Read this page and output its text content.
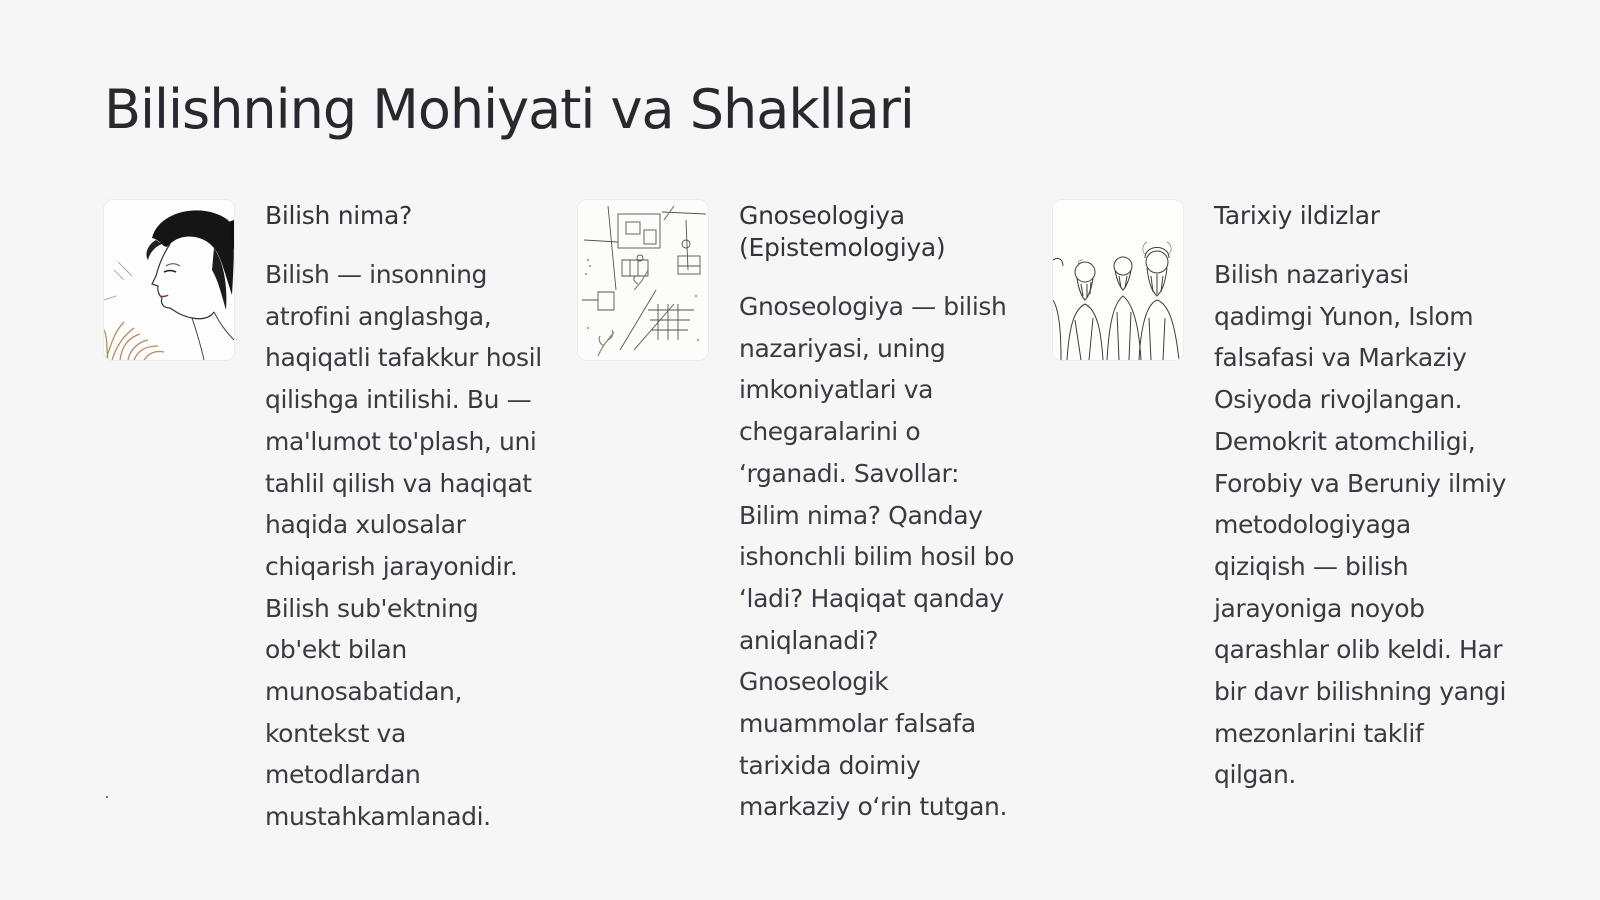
Bilishning Mohiyati va Shakllari
Bilish nima?

Bilish — insonning atrofini anglashga, haqiqatli tafakkur hosil qilishga intilishi. Bu — ma'lumot to'plash, uni tahlil qilish va haqiqat haqida xulosalar chiqarish jarayonidir. Bilish sub'ektning ob'ekt bilan munosabatidan, kontekst va metodlardan mustahkamlanadi.

Gnoseologiya (Epistemologiya)

Gnoseologiya — bilish nazariyasi, uning imkoniyatlari va chegaralarini o ‘rganadi. Savollar: Bilim nima? Qanday ishonchli bilim hosil bo ‘ladi? Haqiqat qanday aniqlanadi? Gnoseologik muammolar falsafa tarixida doimiy markaziy o‘rin tutgan.

Tarixiy ildizlar

Bilish nazariyasi qadimgi Yunon, Islom falsafasi va Markaziy Osiyoda rivojlangan. Demokrit atomchiligi, Forobiy va Beruniy ilmiy metodologiyaga qiziqish — bilish jarayoniga noyob qarashlar olib keldi. Har bir davr bilishning yangi mezonlarini taklif qilgan.
